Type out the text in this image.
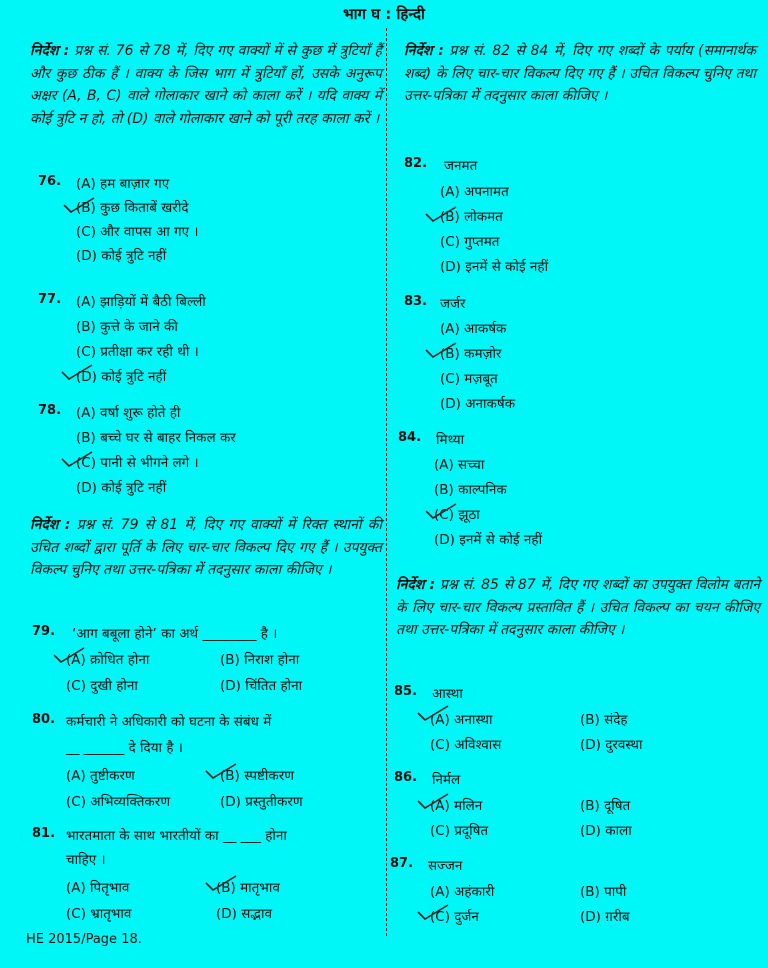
भाग घ : हिन्दी
निर्देश : प्रश्न सं. 76 से 78 में, दिए गए वाक्यों में से कुछ में त्रुटियाँ हैं और कुछ ठीक हैं । वाक्य के जिस भाग में त्रुटियाँ हों, उसके अनुरूप अक्षर (A, B, C) वाले गोलाकार खाने को काला करें । यदि वाक्य में कोई त्रुटि न हो, तो (D) वाले गोलाकार खाने को पूरी तरह काला करें ।
76. (A) हम बाज़ार गए
(B) कुछ किताबें खरीदे
(C) और वापस आ गए ।
(D) कोई त्रुटि नहीं
77. (A) झाड़ियों में बैठी बिल्ली
(B) कुत्ते के जाने की
(C) प्रतीक्षा कर रही थी ।
(D) कोई त्रुटि नहीं
78. (A) वर्षा शुरू होते ही
(B) बच्चे घर से बाहर निकल कर
(C) पानी से भीगने लगे ।
(D) कोई त्रुटि नहीं
निर्देश : प्रश्न सं. 79 से 81 में, दिए गए वाक्यों में रिक्त स्थानों की उचित शब्दों द्वारा पूर्ति के लिए चार-चार विकल्प दिए गए हैं । उपयुक्त विकल्प चुनिए तथा उत्तर-पत्रिका में तदनुसार काला कीजिए ।
79. ‘आग बबूला होने’ का अर्थ ________ है ।
(A) क्रोधित होना	(B) निराश होना
(C) दुखी होना	(D) चिंतित होना
80. कर्मचारी ने अधिकारी को घटना के संबंध में
__ ______ दे दिया है ।
(A) तुष्टीकरण	(B) स्पष्टीकरण
(C) अभिव्यक्तिकरण	(D) प्रस्तुतीकरण
81. भारतमाता के साथ भारतीयों का __ ___ होना
चाहिए ।
(A) पितृभाव	(B) मातृभाव
(C) भ्रातृभाव	(D) सद्भाव
निर्देश : प्रश्न सं. 82 से 84 में, दिए गए शब्दों के पर्याय (समानार्थक शब्द) के लिए चार-चार विकल्प दिए गए हैं । उचित विकल्प चुनिए तथा उत्तर-पत्रिका में तदनुसार काला कीजिए ।
82. जनमत
(A) अपनामत
(B) लोकमत
(C) गुप्तमत
(D) इनमें से कोई नहीं
83. जर्जर
(A) आकर्षक
(B) कमज़ोर
(C) मज़बूत
(D) अनाकर्षक
84. मिथ्या
(A) सच्चा
(B) काल्पनिक
(C) झूठा
(D) इनमें से कोई नहीं
निर्देश : प्रश्न सं. 85 से 87 में, दिए गए शब्दों का उपयुक्त विलोम बताने के लिए चार-चार विकल्प प्रस्तावित हैं । उचित विकल्प का चयन कीजिए तथा उत्तर-पत्रिका में तदनुसार काला कीजिए ।
85. आस्था
(A) अनास्था	(B) संदेह
(C) अविश्वास	(D) दुरवस्था
86. निर्मल
(A) मलिन	(B) दूषित
(C) प्रदूषित	(D) काला
87. सज्जन
(A) अहंकारी	(B) पापी
(C) दुर्जन	(D) ग़रीब
HE 2015/Page 18.
